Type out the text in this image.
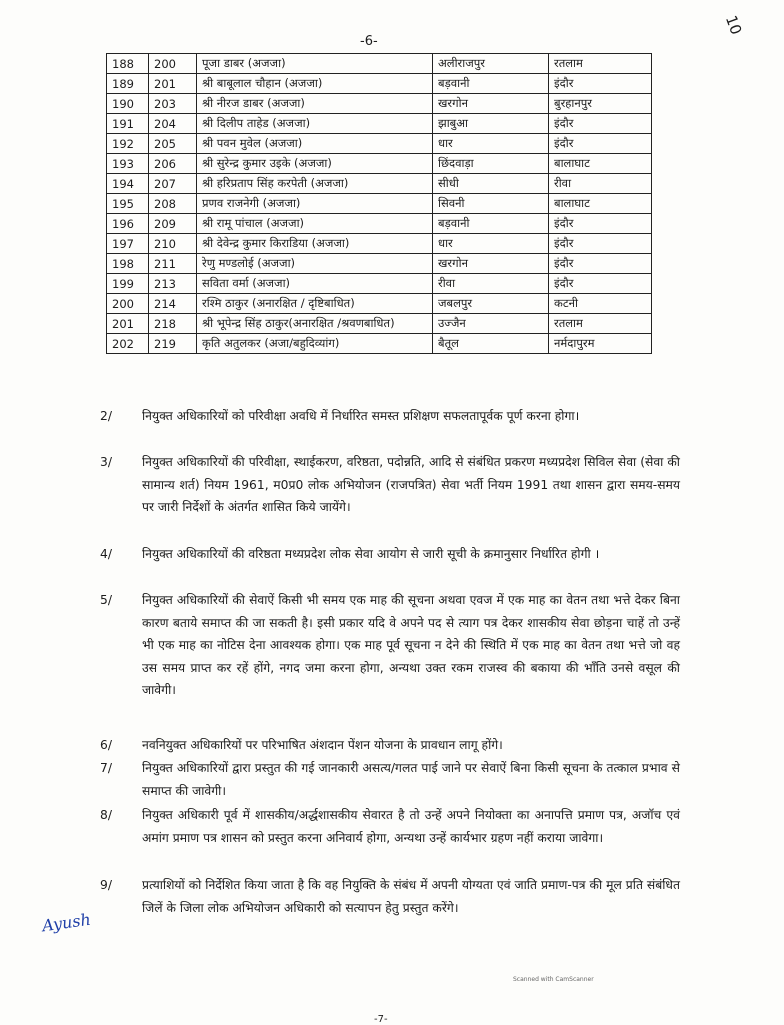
-6-
10
188	200	पूजा डाबर (अजजा)	अलीराजपुर	रतलाम
189	201	श्री बाबूलाल चौहान (अजजा)	बड़वानी	इंदौर
190	203	श्री नीरज डाबर (अजजा)	खरगोन	बुरहानपुर
191	204	श्री दिलीप ताहेड (अजजा)	झाबुआ	इंदौर
192	205	श्री पवन मुवेल (अजजा)	धार	इंदौर
193	206	श्री सुरेन्द्र कुमार उइके (अजजा)	छिंदवाड़ा	बालाघाट
194	207	श्री हरिप्रताप सिंह करपेती (अजजा)	सीधी	रीवा
195	208	प्रणव राजनेगी (अजजा)	सिवनी	बालाघाट
196	209	श्री रामू पांचाल (अजजा)	बड़वानी	इंदौर
197	210	श्री देवेन्द्र कुमार किराडिया (अजजा)	धार	इंदौर
198	211	रेणु मण्डलोई (अजजा)	खरगोन	इंदौर
199	213	सविता वर्मा (अजजा)	रीवा	इंदौर
200	214	रश्मि ठाकुर (अनारक्षित / दृष्टिबाधित)	जबलपुर	कटनी
201	218	श्री भूपेन्द्र सिंह ठाकुर(अनारक्षित /श्रवणबाधित)	उज्जैन	रतलाम
202	219	कृति अतुलकर (अजा/बहुदिव्यांग)	बैतूल	नर्मदापुरम
2/ नियुक्त अधिकारियों को परिवीक्षा अवधि में निर्धारित समस्त प्रशिक्षण सफलतापूर्वक पूर्ण करना होगा।
3/ नियुक्त अधिकारियों की परिवीक्षा, स्थाईकरण, वरिष्ठता, पदोन्नति, आदि से संबंधित प्रकरण मध्यप्रदेश सिविल सेवा (सेवा की सामान्य शर्त) नियम 1961, म0प्र0 लोक अभियोजन (राजपत्रित) सेवा भर्ती नियम 1991 तथा शासन द्वारा समय-समय पर जारी निर्देशों के अंतर्गत शासित किये जायेंगे।
4/ नियुक्त अधिकारियों की वरिष्ठता मध्यप्रदेश लोक सेवा आयोग से जारी सूची के क्रमानुसार निर्धारित होगी ।
5/ नियुक्त अधिकारियों की सेवाऐं किसी भी समय एक माह की सूचना अथवा एवज में एक माह का वेतन तथा भत्ते देकर बिना कारण बताये समाप्त की जा सकती है। इसी प्रकार यदि वे अपने पद से त्याग पत्र देकर शासकीय सेवा छोड़ना चाहें तो उन्हें भी एक माह का नोटिस देना आवश्यक होगा। एक माह पूर्व सूचना न देने की स्थिति में एक माह का वेतन तथा भत्ते जो वह उस समय प्राप्त कर रहें होंगे, नगद जमा करना होगा, अन्यथा उक्त रकम राजस्व की बकाया की भाँति उनसे वसूल की जावेगी।
6/ नवनियुक्त अधिकारियों पर परिभाषित अंशदान पेंशन योजना के प्रावधान लागू होंगे।
7/ नियुक्त अधिकारियों द्वारा प्रस्तुत की गई जानकारी असत्य/गलत पाई जाने पर सेवाऐं बिना किसी सूचना के तत्काल प्रभाव से समाप्त की जावेगी।
8/ नियुक्त अधिकारी पूर्व में शासकीय/अर्द्धशासकीय सेवारत है तो उन्हें अपने नियोक्ता का अनापत्ति प्रमाण पत्र, अजॉच एवं अमांग प्रमाण पत्र शासन को प्रस्तुत करना अनिवार्य होगा, अन्यथा उन्हें कार्यभार ग्रहण नहीं कराया जावेगा।
9/ प्रत्याशियों को निर्देशित किया जाता है कि वह नियुक्ति के संबंध में अपनी योग्यता एवं जाति प्रमाण-पत्र की मूल प्रति संबंधित जिलें के जिला लोक अभियोजन अधिकारी को सत्यापन हेतु प्रस्तुत करेंगे।
Ayush
Scanned with CamScanner
-7-
